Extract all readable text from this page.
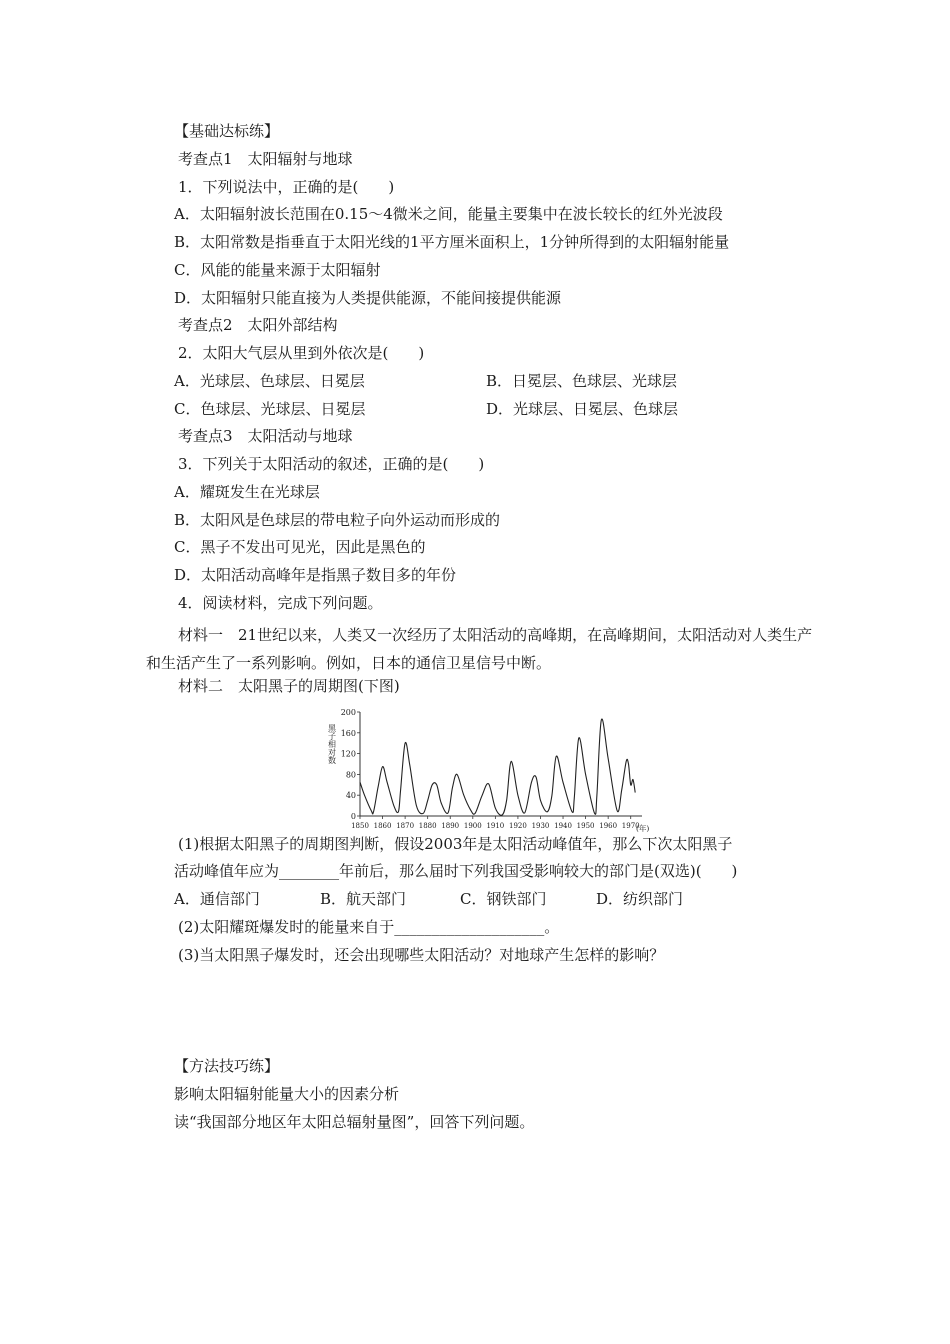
【基础达标练】
考查点1　太阳辐射与地球
1．下列说法中，正确的是(　　)
A．太阳辐射波长范围在0.15～4微米之间，能量主要集中在波长较长的红外光波段
B．太阳常数是指垂直于太阳光线的1平方厘米面积上，1分钟所得到的太阳辐射能量
C．风能的能量来源于太阳辐射
D．太阳辐射只能直接为人类提供能源，不能间接提供能源
考查点2　太阳外部结构
2．太阳大气层从里到外依次是(　　)
A．光球层、色球层、日冕层	B．日冕层、色球层、光球层
C．色球层、光球层、日冕层	D．光球层、日冕层、色球层
考查点3　太阳活动与地球
3．下列关于太阳活动的叙述，正确的是(　　)
A．耀斑发生在光球层
B．太阳风是色球层的带电粒子向外运动而形成的
C．黑子不发出可见光，因此是黑色的
D．太阳活动高峰年是指黑子数目多的年份
4．阅读材料，完成下列问题。
材料一　21世纪以来，人类又一次经历了太阳活动的高峰期，在高峰期间，太阳活动对人类生产和生活产生了一系列影响。例如，日本的通信卫星信号中断。
材料二　太阳黑子的周期图(下图)
0
40
80
120
160
200
1850 1860 1870 1880 1890 1900 1910 1920 1930 1940 1950 1960 1970
黑子相对数
(年)
(1)根据太阳黑子的周期图判断，假设2003年是太阳活动峰值年，那么下次太阳黑子
活动峰值年应为________年前后，那么届时下列我国受影响较大的部门是(双选)(　　)
A．通信部门	B．航天部门	C．钢铁部门	D．纺织部门
(2)太阳耀斑爆发时的能量来自于____________________。
(3)当太阳黑子爆发时，还会出现哪些太阳活动？对地球产生怎样的影响？
【方法技巧练】
影响太阳辐射能量大小的因素分析
读“我国部分地区年太阳总辐射量图”，回答下列问题。
